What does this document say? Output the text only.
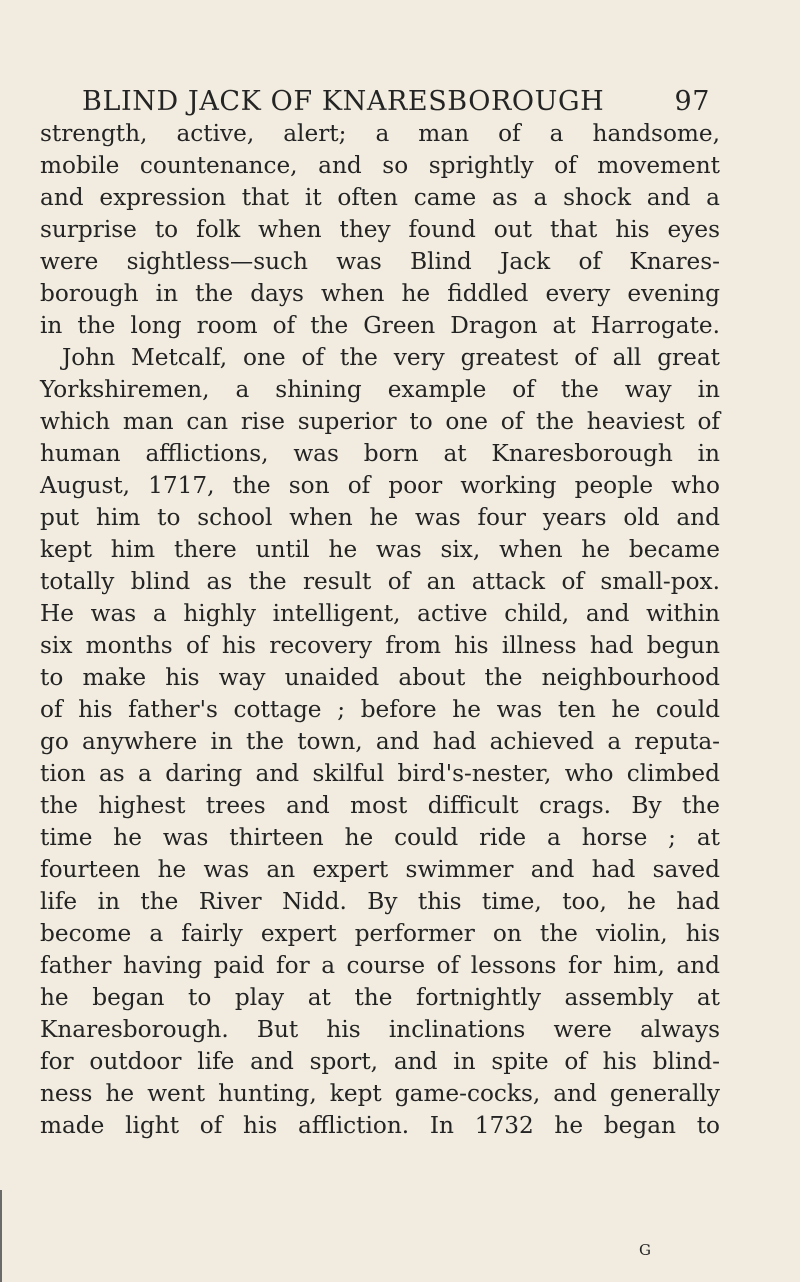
BLIND JACK OF KNARESBOROUGH	97
strength, active, alert; a man of a handsome,
mobile countenance, and so sprightly of movement
and expression that it often came as a shock and a
surprise to folk when they found out that his eyes
were sightless—such was Blind Jack of Knares-
borough in the days when he fiddled every evening
in the long room of the Green Dragon at Harrogate.
John Metcalf, one of the very greatest of all great
Yorkshiremen, a shining example of the way in
which man can rise superior to one of the heaviest of
human afflictions, was born at Knaresborough in
August, 1717, the son of poor working people who
put him to school when he was four years old and
kept him there until he was six, when he became
totally blind as the result of an attack of small-pox.
He was a highly intelligent, active child, and within
six months of his recovery from his illness had begun
to make his way unaided about the neighbourhood
of his father's cottage ; before he was ten he could
go anywhere in the town, and had achieved a reputa-
tion as a daring and skilful bird's-nester, who climbed
the highest trees and most difficult crags. By the
time he was thirteen he could ride a horse ; at
fourteen he was an expert swimmer and had saved
life in the River Nidd. By this time, too, he had
become a fairly expert performer on the violin, his
father having paid for a course of lessons for him, and
he began to play at the fortnightly assembly at
Knaresborough. But his inclinations were always
for outdoor life and sport, and in spite of his blind-
ness he went hunting, kept game-cocks, and generally
made light of his affliction. In 1732 he began to
G
